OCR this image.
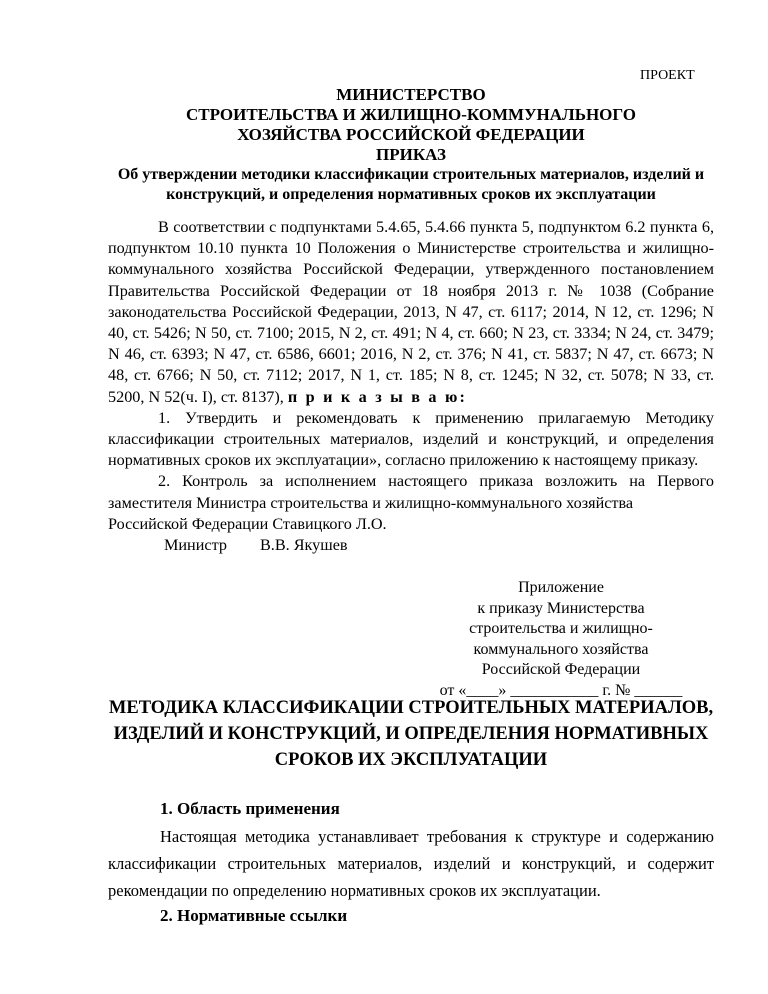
ПРОЕКТ
МИНИСТЕРСТВО
СТРОИТЕЛЬСТВА И ЖИЛИЩНО-КОММУНАЛЬНОГО
ХОЗЯЙСТВА РОССИЙСКОЙ ФЕДЕРАЦИИ
ПРИКАЗ
Об утверждении методики классификации строительных материалов, изделий и конструкций, и определения нормативных сроков их эксплуатации

В соответствии с подпунктами 5.4.65, 5.4.66 пункта 5, подпунктом 6.2 пункта 6, подпунктом 10.10 пункта 10 Положения о Министерстве строительства и жилищно-коммунального хозяйства Российской Федерации, утвержденного постановлением Правительства Российской Федерации от 18 ноября 2013 г. № 1038 (Собрание законодательства Российской Федерации, 2013, N 47, ст. 6117; 2014, N 12, ст. 1296; N 40, ст. 5426; N 50, ст. 7100; 2015, N 2, ст. 491; N 4, ст. 660; N 23, ст. 3334; N 24, ст. 3479; N 46, ст. 6393; N 47, ст. 6586, 6601; 2016, N 2, ст. 376; N 41, ст. 5837; N 47, ст. 6673; N 48, ст. 6766; N 50, ст. 7112; 2017, N 1, ст. 185; N 8, ст. 1245; N 32, ст. 5078; N 33, ст. 5200, N 52(ч. I), ст. 8137), п р и к а з ы в а ю:

1. Утвердить и рекомендовать к применению прилагаемую Методику классификации строительных материалов, изделий и конструкций, и определения нормативных сроков их эксплуатации», согласно приложению к настоящему приказу.

2. Контроль за исполнением настоящего приказа возложить на Первого заместителя Министра строительства и жилищно-коммунального хозяйства

Российской Федерации Ставицкого Л.О.

Министр В.В. Якушев
Приложение
к приказу Министерства
строительства и жилищно-
коммунального хозяйства
Российской Федерации
от «____» ___________ г. № ______
МЕТОДИКА КЛАССИФИКАЦИИ СТРОИТЕЛЬНЫХ МАТЕРИАЛОВ, ИЗДЕЛИЙ И КОНСТРУКЦИЙ, И ОПРЕДЕЛЕНИЯ НОРМАТИВНЫХ СРОКОВ ИХ ЭКСПЛУАТАЦИИ
1. Область применения

Настоящая методика устанавливает требования к структуре и содержанию классификации строительных материалов, изделий и конструкций, и содержит рекомендации по определению нормативных сроков их эксплуатации.

2. Нормативные ссылки
